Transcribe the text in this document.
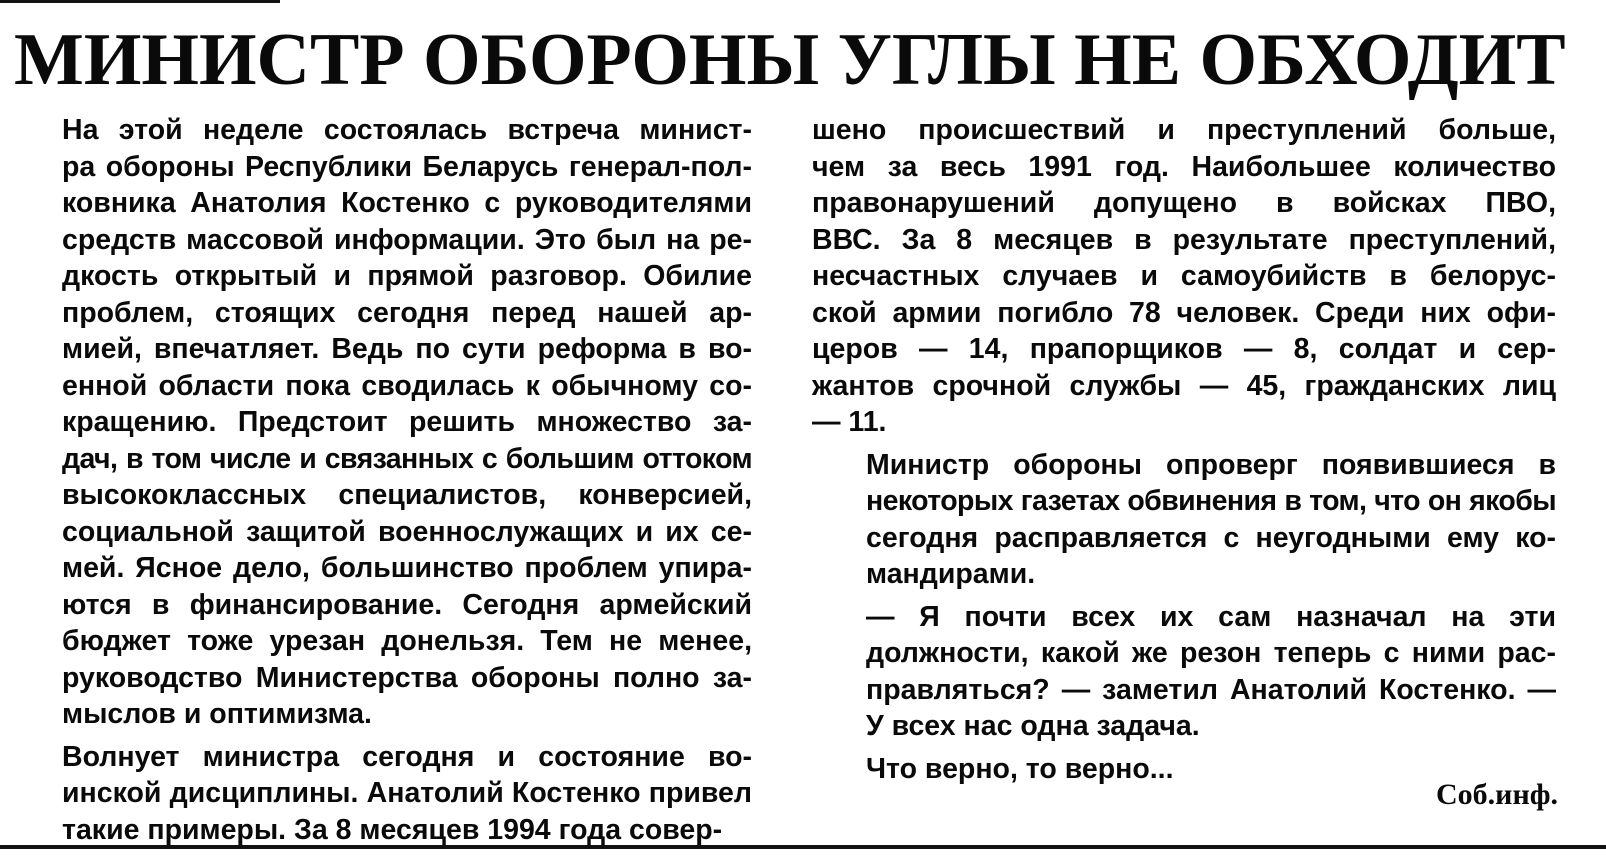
МИНИСТР ОБОРОНЫ УГЛЫ НЕ ОБХОДИТ

На этой неделе состоялась встреча минист-
ра обороны Республики Беларусь генерал-пол-
ковника Анатолия Костенко с руководителями
средств массовой информации. Это был на ре-
дкость открытый и прямой разговор. Обилие
проблем, стоящих сегодня перед нашей ар-
мией, впечатляет. Ведь по сути реформа в во-
енной области пока сводилась к обычному со-
кращению. Предстоит решить множество за-
дач, в том числе и связанных с большим оттоком
высококлассных специалистов, конверсией,
социальной защитой военнослужащих и их се-
мей. Ясное дело, большинство проблем упира-
ются в финансирование. Сегодня армейский
бюджет тоже урезан донельзя. Тем не менее,
руководство Министерства обороны полно за-
мыслов и оптимизма.

Волнует министра сегодня и состояние во-
инской дисциплины. Анатолий Костенко привел
такие примеры. За 8 месяцев 1994 года совер-

шено происшествий и преступлений больше,
чем за весь 1991 год. Наибольшее количество
правонарушений допущено в войсках ПВО,
ВВС. За 8 месяцев в результате преступлений,
несчастных случаев и самоубийств в белорус-
ской армии погибло 78 человек. Среди них офи-
церов — 14, прапорщиков — 8, солдат и сер-
жантов срочной службы — 45, гражданских лиц
— 11.

Министр обороны опроверг появившиеся в
некоторых газетах обвинения в том, что он якобы
сегодня расправляется с неугодными ему ко-
мандирами.

— Я почти всех их сам назначал на эти
должности, какой же резон теперь с ними рас-
правляться? — заметил Анатолий Костенко. —
У всех нас одна задача.

Что верно, то верно...

Соб.инф.
